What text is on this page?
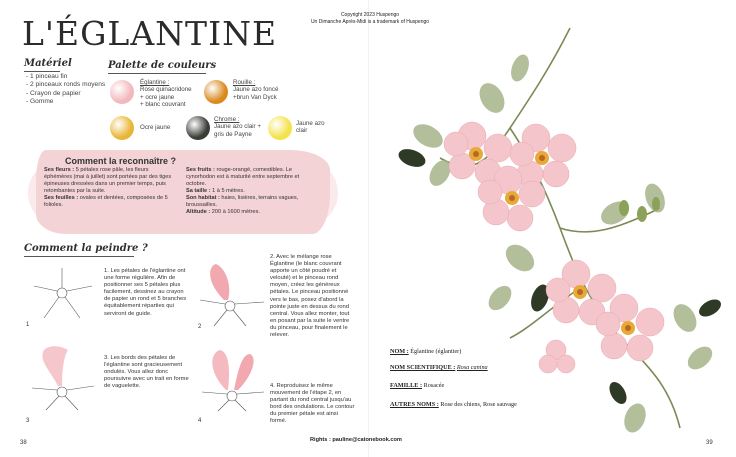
L'ÉGLANTINE	Copyright 2023 Huspengo
Un Dimanche Après-Midi is a trademark of Huspengo
Matériel
- 1 pinceau fin
- 2 pinceaux ronds moyens
- Crayon de papier
- Gomme
Palette de couleurs
Églantine :
Rose quinacridone
+ ocre jaune
+ blanc couvrant
Rouille :
Jaune azo foncé
+brun Van Dyck
Ocre jaune
Chrome :
Jaune azo clair +
gris de Payne
Jaune azo
clair
Comment la reconnaître ?
Ses fleurs : 5 pétales rose pâle, les fleurs éphémères (mai à juillet) sont portées par des tiges épineuses dressées dans un premier temps, puis retombantes par la suite.
Ses feuilles : ovales et dentées, composées de 5 folioles.
Ses fruits : rouge-orangé, comestibles. Le cynorhodon est à maturité entre septembre et octobre.
Sa taille : 1 à 5 mètres.
Son habitat : haies, lisières, terrains vagues, broussailles.
Altitude : 200 à 1600 mètres.
Comment la peindre ?
1	2
3	4
1. Les pétales de l'églantine ont une forme régulière. Afin de positionner ses 5 pétales plus facilement, dessinez au crayon de papier un rond et 5 branches équitablement réparties qui serviront de guide.
3. Les bords des pétales de l'églantine sont gracieusement ondulés. Vous allez donc poursuivre avec un trait en forme de vaguelette.
2. Avec le mélange rose Églantine (le blanc couvrant apporte un côté poudré et velouté) et le pinceau rond moyen, créez les généreux pétales. Le pinceau positionné vers le bas, posez d'abord la pointe juste en dessus du rond central. Vous allez monter, tout en posant par la suite le ventre du pinceau, pour finalement le relever.
4. Reproduisez le même mouvement de l'étape 2, en partant du rond central jusqu'au bord des ondulations. Le contour du premier pétale est ainsi formé.
NOM : Églantine (églantier)
NOM SCIENTIFIQUE : Rosa canina
FAMILLE : Rosacée
AUTRES NOMS : Rose des chiens, Rose sauvage
Rights : pauline@catonebook.com
38	39
